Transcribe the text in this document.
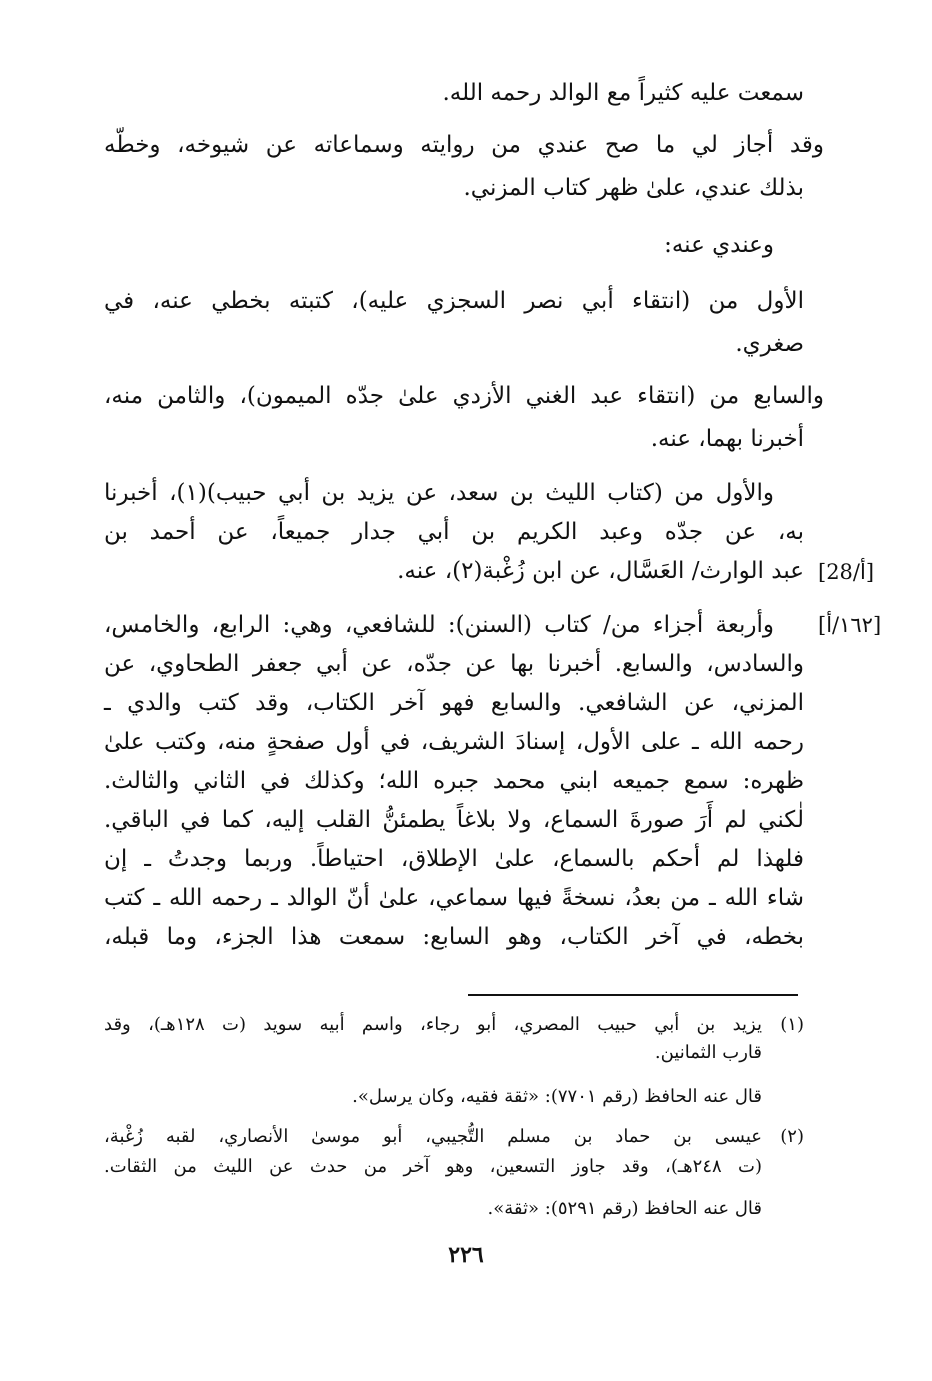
سمعت عليه كثيراً مع الوالد رحمه الله.
وقد أجاز لي ما صح عندي من روايته وسماعاته عن شيوخه، وخطّه
بذلك عندي، علىٰ ظهر كتاب المزني.
وعندي عنه:
الأول من (انتقاء أبي نصر السجزي عليه)، كتبته بخطي عنه، في
صغري.
والسابع من (انتقاء عبد الغني الأزدي علىٰ جدّه الميمون)، والثامن منه،
أخبرنا بهما، عنه.
والأول من (كتاب الليث بن سعد، عن يزيد بن أبي حبيب)(١)، أخبرنا
به، عن جدّه وعبد الكريم بن أبي جدار جميعاً، عن أحمد بن
عبد الوارث/ العَسَّال، عن ابن زُغْبة(٢)، عنه. [28/أ]
وأربعة أجزاء من/ كتاب (السنن): للشافعي، وهي: الرابع، والخامس، [١٦٢/أ]
والسادس، والسابع. أخبرنا بها عن جدّه، عن أبي جعفر الطحاوي، عن
المزني، عن الشافعي. والسابع فهو آخر الكتاب، وقد كتب والدي ـ
رحمه الله ـ على الأول، إسنادَ الشريف، في أول صفحةٍ منه، وكتب علىٰ
ظهره: سمع جميعه ابني محمد جبره الله؛ وكذلك في الثاني والثالث.
لٰكني لم أَرَ صورةَ السماع، ولا بلاغاً يطمئنُّ القلب إليه، كما في الباقي.
فلهذا لم أحكم بالسماع، علىٰ الإطلاق، احتياطاً. وربما وجدتُ ـ إن
شاء الله ـ من بعدُ، نسخةً فيها سماعي، علىٰ أنّ الوالد ـ رحمه الله ـ كتب
بخطه، في آخر الكتاب، وهو السابع: سمعت هذا الجزء، وما قبله،
(١)
يزيد بن أبي حبيب المصري، أبو رجاء، واسم أبيه سويد (ت ١٢٨هـ)، وقد
قارب الثمانين.
قال عنه الحافظ (رقم ٧٧٠١): «ثقة فقيه، وكان يرسل».
(٢)
عيسى بن حماد بن مسلم التُّجيبي، أبو موسىٰ الأنصاري، لقبه زُغْبة،
(ت ٢٤٨هـ)، وقد جاوز التسعين، وهو آخر من حدث عن الليث من الثقات.
قال عنه الحافظ (رقم ٥٢٩١): «ثقة».
٢٢٦
